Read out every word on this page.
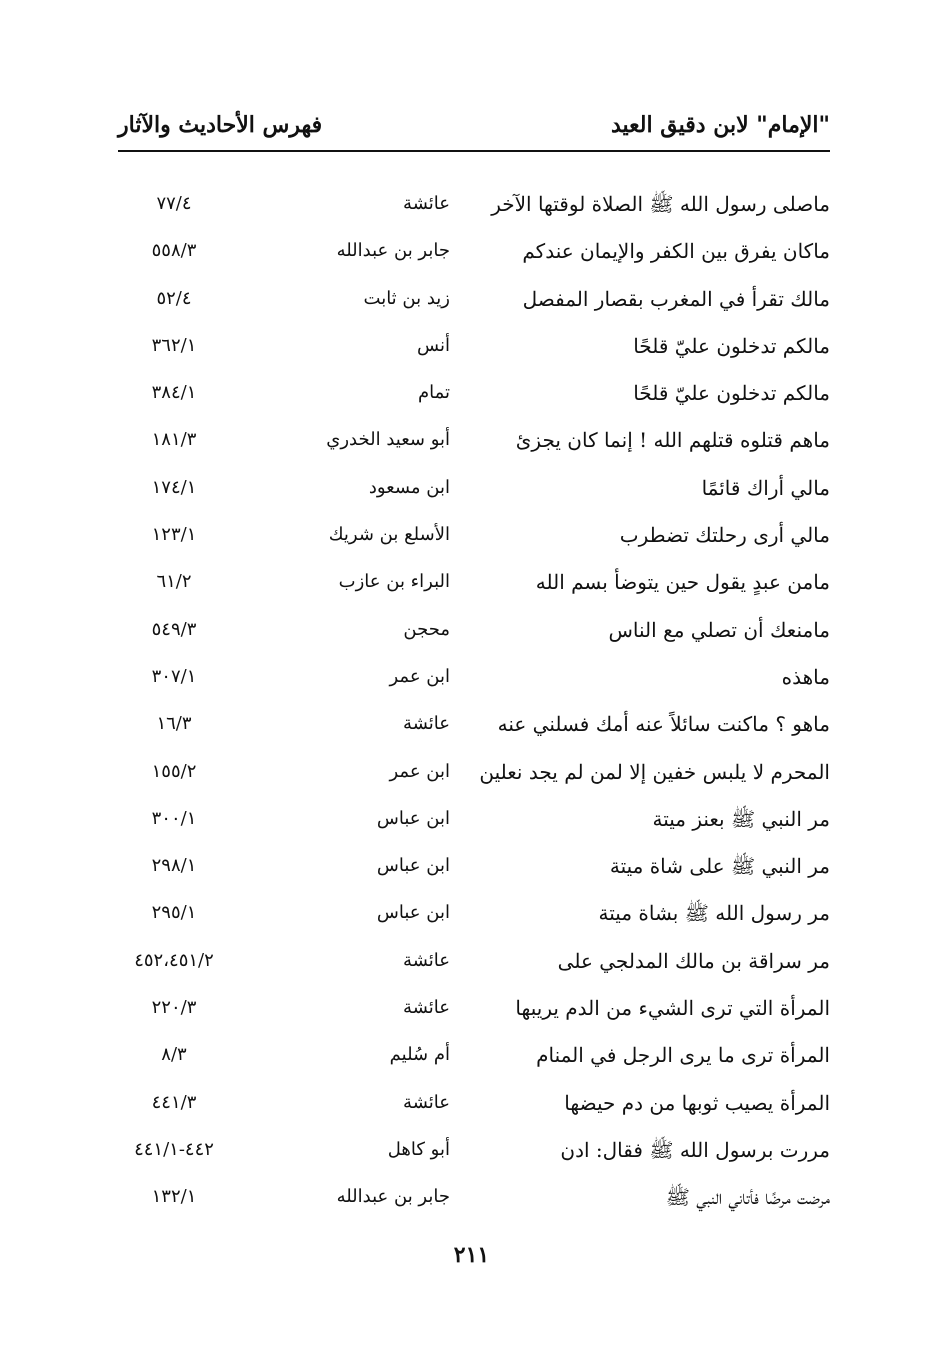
"الإمام" لابن دقيق العيد
فهرس الأحاديث والآثار
ماصلى رسول الله ﷺ الصلاة لوقتها الآخر
عائشة
٧٧/٤
ماكان يفرق بين الكفر والإيمان عندكم
جابر بن عبدالله
٥٥٨/٣
مالك تقرأ في المغرب بقصار المفصل
زيد بن ثابت
٥٢/٤
مالكم تدخلون عليّ قلحًا
أنس
٣٦٢/١
مالكم تدخلون عليّ قلحًا
تمام
٣٨٤/١
ماهم قتلوه قتلهم الله ! إنما كان يجزئ
أبو سعيد الخدري
١٨١/٣
مالي أراك قائمًا
ابن مسعود
١٧٤/١
مالي أرى رحلتك تضطرب
الأسلع بن شريك
١٢٣/١
مامن عبدٍ يقول حين يتوضأ بسم الله
البراء بن عازب
٦١/٢
مامنعك أن تصلي مع الناس
محجن
٥٤٩/٣
ماهذه
ابن عمر
٣٠٧/١
ماهو ؟ ماكنت سائلاً عنه أمك فسلني عنه
عائشة
١٦/٣
المحرم لا يلبس خفين إلا لمن لم يجد نعلين
ابن عمر
١٥٥/٢
مر النبي ﷺ بعنز ميتة
ابن عباس
٣٠٠/١
مر النبي ﷺ على شاة ميتة
ابن عباس
٢٩٨/١
مر رسول الله ﷺ بشاة ميتة
ابن عباس
٢٩٥/١
مر سراقة بن مالك المدلجي على
عائشة
٤٥٢،٤٥١/٢
المرأة التي ترى الشيء من الدم يريبها
عائشة
٢٢٠/٣
المرأة ترى ما يرى الرجل في المنام
أم سُليم
٨/٣
المرأة يصيب ثوبها من دم حيضها
عائشة
٤٤١/٣
مررت برسول الله ﷺ فقال: ادن
أبو كاهل
٤٤٢-٤٤١/١
مرضت مرضًا فأتاني النبي ﷺ
جابر بن عبدالله
١٣٢/١
٢١١
